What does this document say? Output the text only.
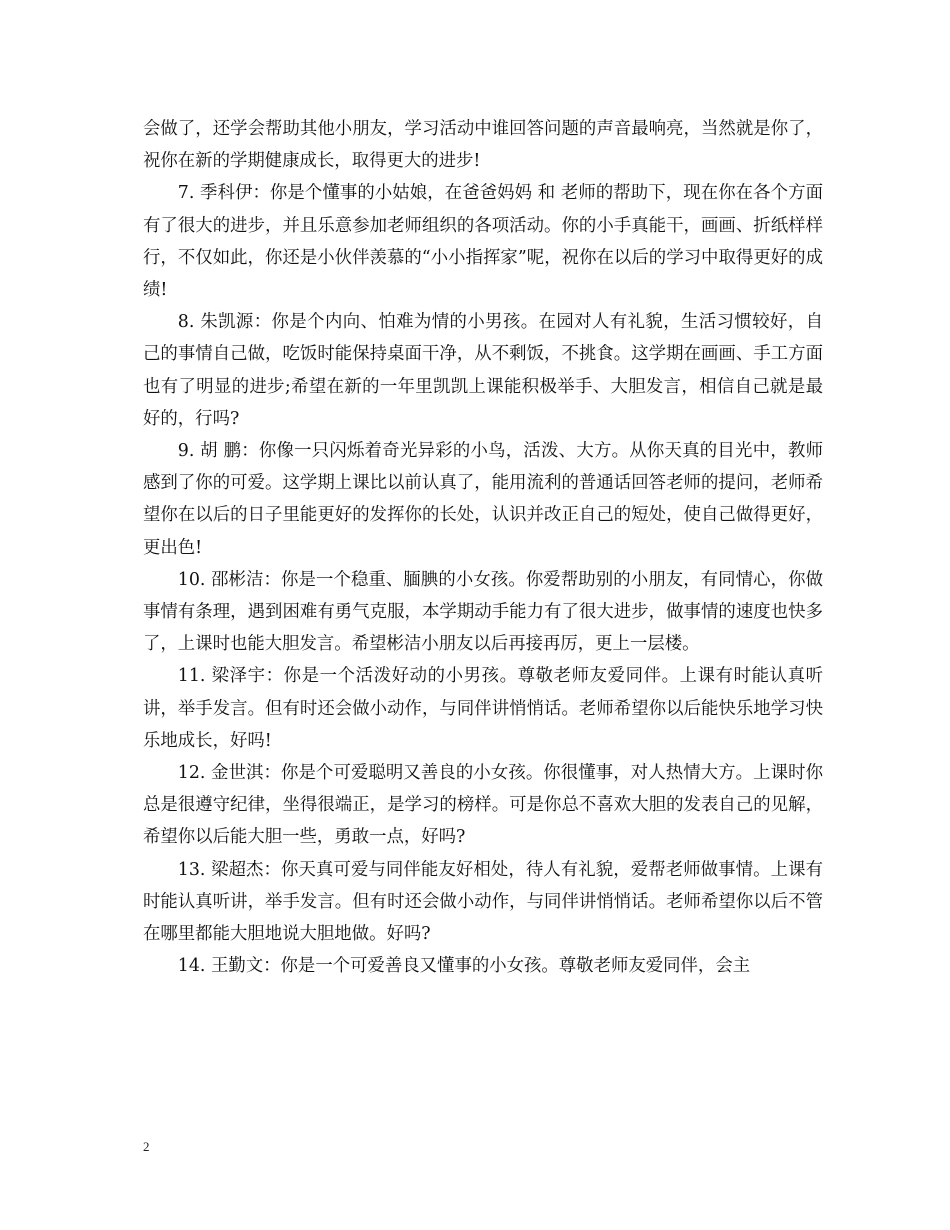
会做了，还学会帮助其他小朋友，学习活动中谁回答问题的声音最响亮，当然就是你了，祝你在新的学期健康成长，取得更大的进步!

7. 季科伊：你是个懂事的小姑娘，在爸爸妈妈 和 老师的帮助下，现在你在各个方面有了很大的进步，并且乐意参加老师组织的各项活动。你的小手真能干，画画、折纸样样行，不仅如此，你还是小伙伴羡慕的“小小指挥家”呢，祝你在以后的学习中取得更好的成绩!

8. 朱凯源：你是个内向、怕难为情的小男孩。在园对人有礼貌，生活习惯较好，自己的事情自己做，吃饭时能保持桌面干净，从不剩饭，不挑食。这学期在画画、手工方面也有了明显的进步;希望在新的一年里凯凯上课能积极举手、大胆发言，相信自己就是最好的，行吗?

9. 胡 鹏：你像一只闪烁着奇光异彩的小鸟，活泼、大方。从你天真的目光中，教师感到了你的可爱。这学期上课比以前认真了，能用流利的普通话回答老师的提问，老师希望你在以后的日子里能更好的发挥你的长处，认识并改正自己的短处，使自己做得更好，更出色!

10. 邵彬洁：你是一个稳重、腼腆的小女孩。你爱帮助别的小朋友，有同情心，你做事情有条理，遇到困难有勇气克服，本学期动手能力有了很大进步，做事情的速度也快多了，上课时也能大胆发言。希望彬洁小朋友以后再接再厉，更上一层楼。

11. 梁泽宇：你是一个活泼好动的小男孩。尊敬老师友爱同伴。上课有时能认真听讲，举手发言。但有时还会做小动作，与同伴讲悄悄话。老师希望你以后能快乐地学习快乐地成长，好吗!

12. 金世淇：你是个可爱聪明又善良的小女孩。你很懂事，对人热情大方。上课时你总是很遵守纪律，坐得很端正，是学习的榜样。可是你总不喜欢大胆的发表自己的见解，希望你以后能大胆一些，勇敢一点，好吗?

13. 梁超杰：你天真可爱与同伴能友好相处，待人有礼貌，爱帮老师做事情。上课有时能认真听讲，举手发言。但有时还会做小动作，与同伴讲悄悄话。老师希望你以后不管在哪里都能大胆地说大胆地做。好吗?

14. 王勤文：你是一个可爱善良又懂事的小女孩。尊敬老师友爱同伴，会主

2
